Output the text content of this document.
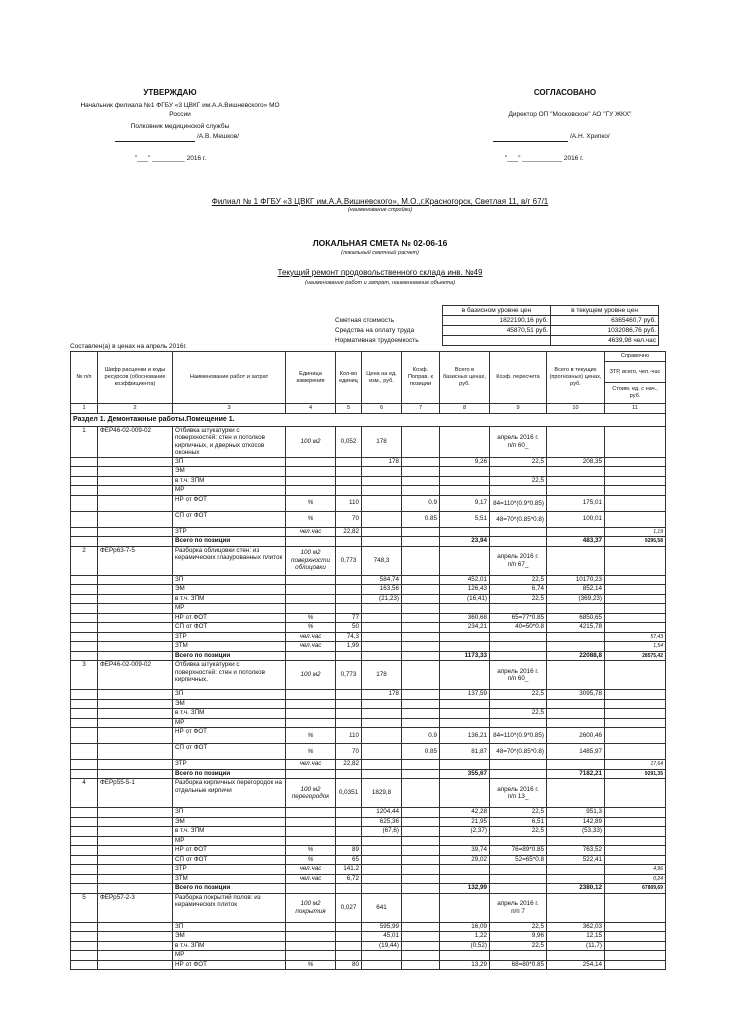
УТВЕРЖДАЮ
Начальник филиала №1 ФГБУ «3 ЦВКГ им.А.А.Вишневского» МО
России
Полковник медицинской службы
/А.В. Мешков/
"___" _________ 2016 г.
СОГЛАСОВАНО
Директор ОП "Московское" АО "ГУ ЖКХ"
/А.Н. Хрипко/
"___" ___________ 2016 г.
Филиал № 1 ФГБУ «3 ЦВКГ им.А.А.Вишневского», М.О.,г.Красногорск, Светлая 11, в/г 67/1
(наименование стройки)
ЛОКАЛЬНАЯ СМЕТА № 02-06-16
(локальный сметный расчет)
Текущий ремонт продовольственного склада инв. №49
(наименование работ и затрат, наименование объекта)
	в базисном уровне цен	в текущем уровне цен
Сметная стоимость	1822190,16 руб.	6365460,7 руб.
Средства на оплату труда	45870,51 руб.	1032086,76 руб.
Нормативная трудоемкость		4639,98 чел.час
Составлен(а) в ценах на апрель 2016г.
№ п/п	Шифр расценки и коды ресурсов (обоснование коэффициента)	Наименование работ и затрат	Единица измерения	Кол-во единиц	Цена на ед. изм., руб.	Коэф. Поправ. к позиции	Всего в базисных ценах, руб.	Коэф. пересчета	Всего в текущих (прогнозных) ценах, руб.	Справочно
										ЗТР, всего, чел.-час
										Стоим. ед. с нач., руб.
1	2	3	4	5	6	7	8	9	10	11
Раздел 1. Демонтажные работы.Помещение 1.										
1	ФЕР46-02-009-02	Отбивка штукатурки с поверхностей: стен и потолков кирпичных, и дверных откосов оконных	100 м2	0,052	178			апрель 2016 г.
п/п 60_		

		ЗП			178		9,26	22,5	208,35	
		ЭМ								
		в т.ч. ЗПМ						22,5		
		МР								
		НР от ФОТ	%	110		0.9	9,17	84=110*(0.9*0.85)	175,01	
		СП от ФОТ	%	70		0.85	5,51	48=70*(0.85*0.8)	100,01	
		ЗТР	чел.час	22,82						1,19
		Всего по позиции					23,94		483,37	9295,58
2	ФЕРр63-7-5	Разборка облицовки стен: из керамических глазурованных плиток	100 м2 поверхности облицовки	0,773	748,3			апрель 2016 г.
п/п 67_		

		ЗП			584,74		452,01	22,5	10170,23	
		ЭМ			163,56		126,43	6,74	852,14	
		в т.ч. ЗПМ			(21,23)		(16,41)	22,5	(369,23)	
		МР								
		НР от ФОТ	%	77			360,68	65=77*0.85	6850,65	
		СП от ФОТ	%	50			234,21	40=50*0.8	4215,78	
		ЗТР	чел.час	74,3						57,43
		ЗТМ	чел.час	1,99						1,54
		Всего по позиции					1173,33		22088,8	28575,42
3	ФЕР46-02-009-02	Отбивка штукатурки с поверхностей: стен и потолков кирпичных,	100 м2	0,773	178			апрель 2016 г.
п/п 60_		

		ЗП			178		137,59	22,5	3095,78	
		ЭМ								
		в т.ч. ЗПМ						22,5		
		МР								
		НР от ФОТ	%	110		0.9	136,21	84=110*(0.9*0.85)	2600,46	
		СП от ФОТ	%	70		0.85	81,87	48=70*(0.85*0.8)	1485,97	
		ЗТР	чел.час	22,82						17,64
		Всего по позиции					355,67		7182,21	9291,35
4	ФЕРр55-5-1	Разборка кирпичных перегородок на отдельные кирпичи	100 м2 перегородок	0,0351	1829,8			апрель 2016 г.
п/п 13_		

		ЗП			1204,44		42,28	22,5	951,3	
		ЭМ			625,36		21,95	6,51	142,89	
		в т.ч. ЗПМ			(67,6)		(2,37)	22,5	(53,33)	
		МР								
		НР от ФОТ	%	89			39,74	76=89*0.85	763,52	
		СП от ФОТ	%	65			29,02	52=65*0.8	522,41	
		ЗТР	чел.час	141,2						4,96
		ЗТМ	чел.час	6,72						0,24
		Всего по позиции					132,99		2380,12	67809,69
5	ФЕРр57-2-3	Разборка покрытий полов: из керамических плиток	100 м2 покрытия	0,027	641			апрель 2016 г.
п/п 7		

		ЗП			595,99		16,09	22,5	362,03	
		ЭМ			45,01		1,22	9,96	12,15	
		в т.ч. ЗПМ			(19,44)		(0,52)	22,5	(11,7)	
		МР								
		НР от ФОТ	%	80			13,29	68=80*0.85	254,14	
